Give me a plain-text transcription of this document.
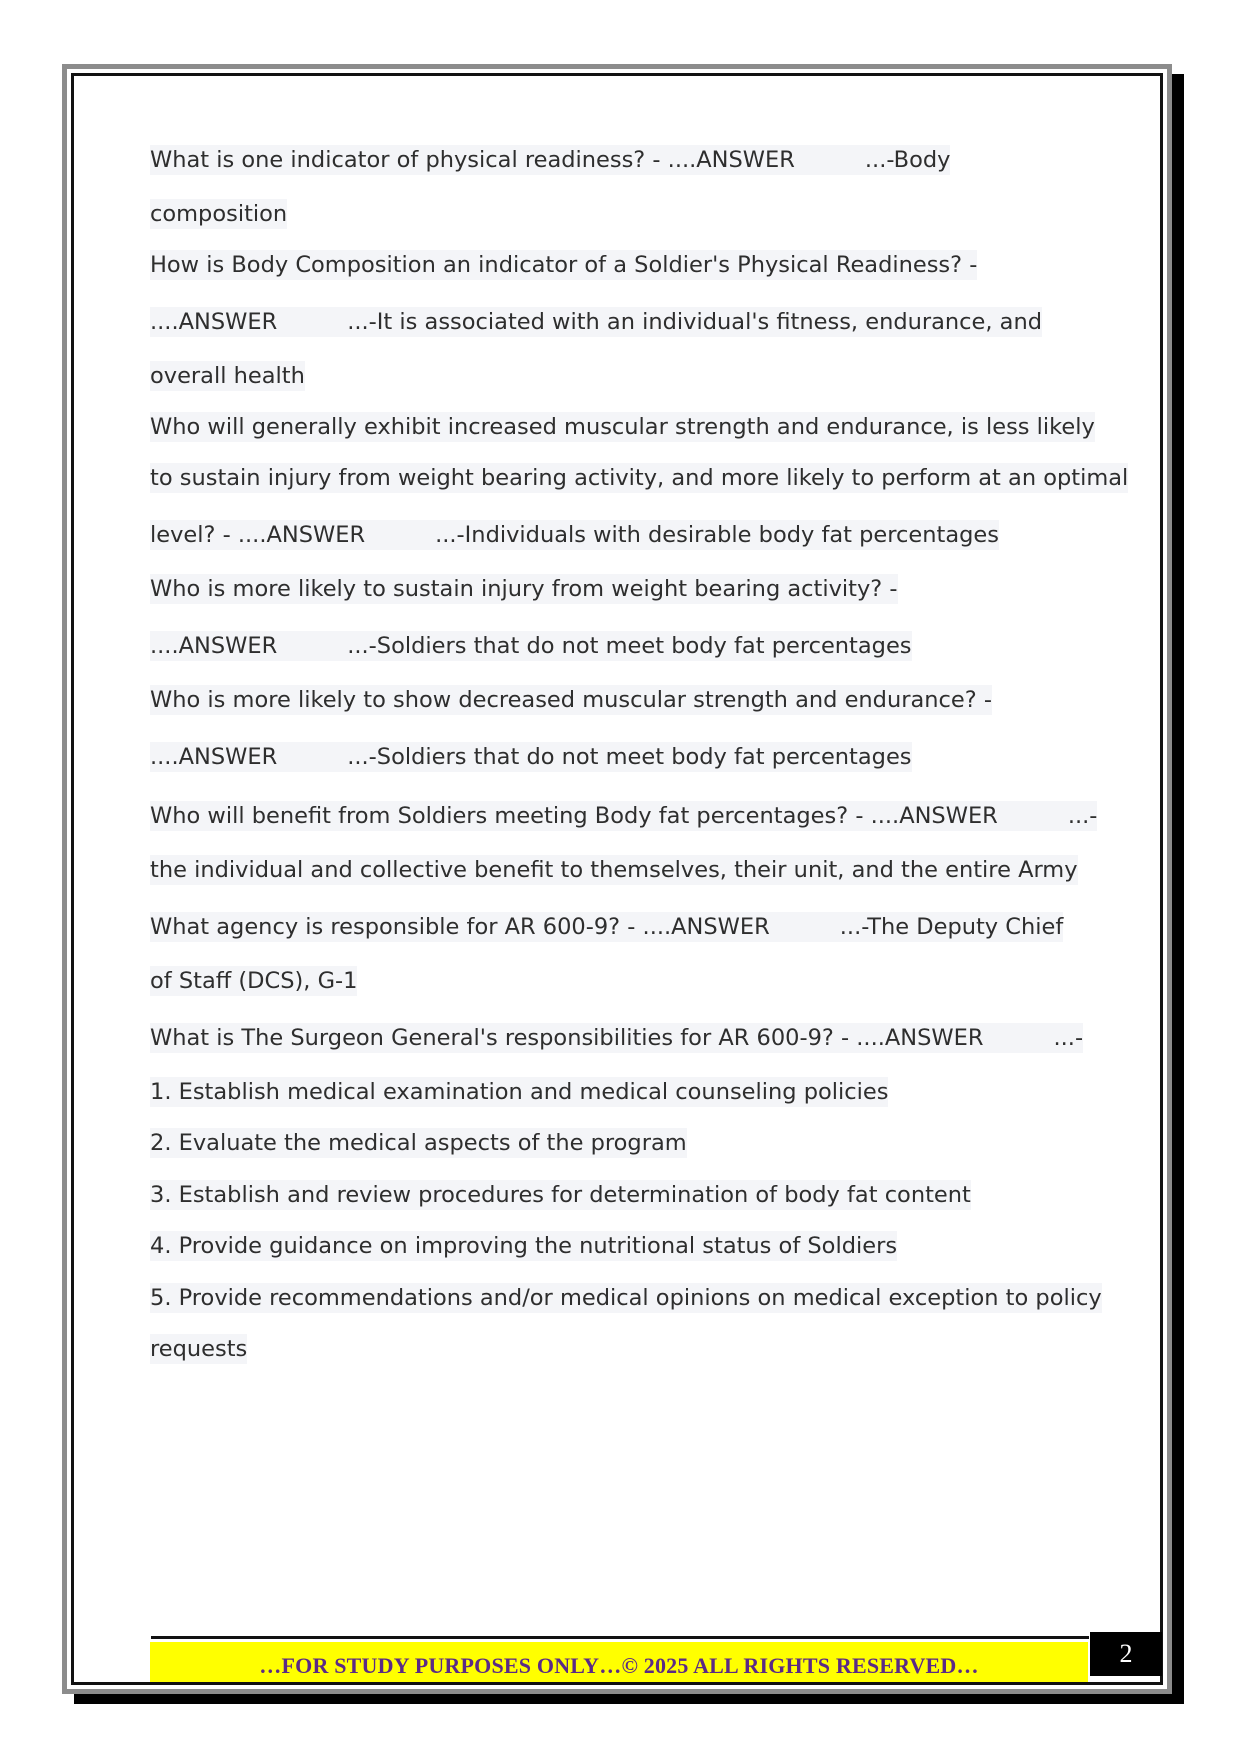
What is one indicator of physical readiness? - ....ANSWER	...-Body
composition
How is Body Composition an indicator of a Soldier's Physical Readiness? -
....ANSWER	...-It is associated with an individual's fitness, endurance, and
overall health
Who will generally exhibit increased muscular strength and endurance, is less likely
to sustain injury from weight bearing activity, and more likely to perform at an optimal
level? - ....ANSWER	...-Individuals with desirable body fat percentages
Who is more likely to sustain injury from weight bearing activity? -
....ANSWER	...-Soldiers that do not meet body fat percentages
Who is more likely to show decreased muscular strength and endurance? -
....ANSWER	...-Soldiers that do not meet body fat percentages
Who will benefit from Soldiers meeting Body fat percentages? - ....ANSWER	...-
the individual and collective benefit to themselves, their unit, and the entire Army
What agency is responsible for AR 600-9? - ....ANSWER	...-The Deputy Chief
of Staff (DCS), G-1
What is The Surgeon General's responsibilities for AR 600-9? - ....ANSWER	...-
1. Establish medical examination and medical counseling policies
2. Evaluate the medical aspects of the program
3. Establish and review procedures for determination of body fat content
4. Provide guidance on improving the nutritional status of Soldiers
5. Provide recommendations and/or medical opinions on medical exception to policy
requests
…FOR STUDY PURPOSES ONLY…© 2025 ALL RIGHTS RESERVED…	2
